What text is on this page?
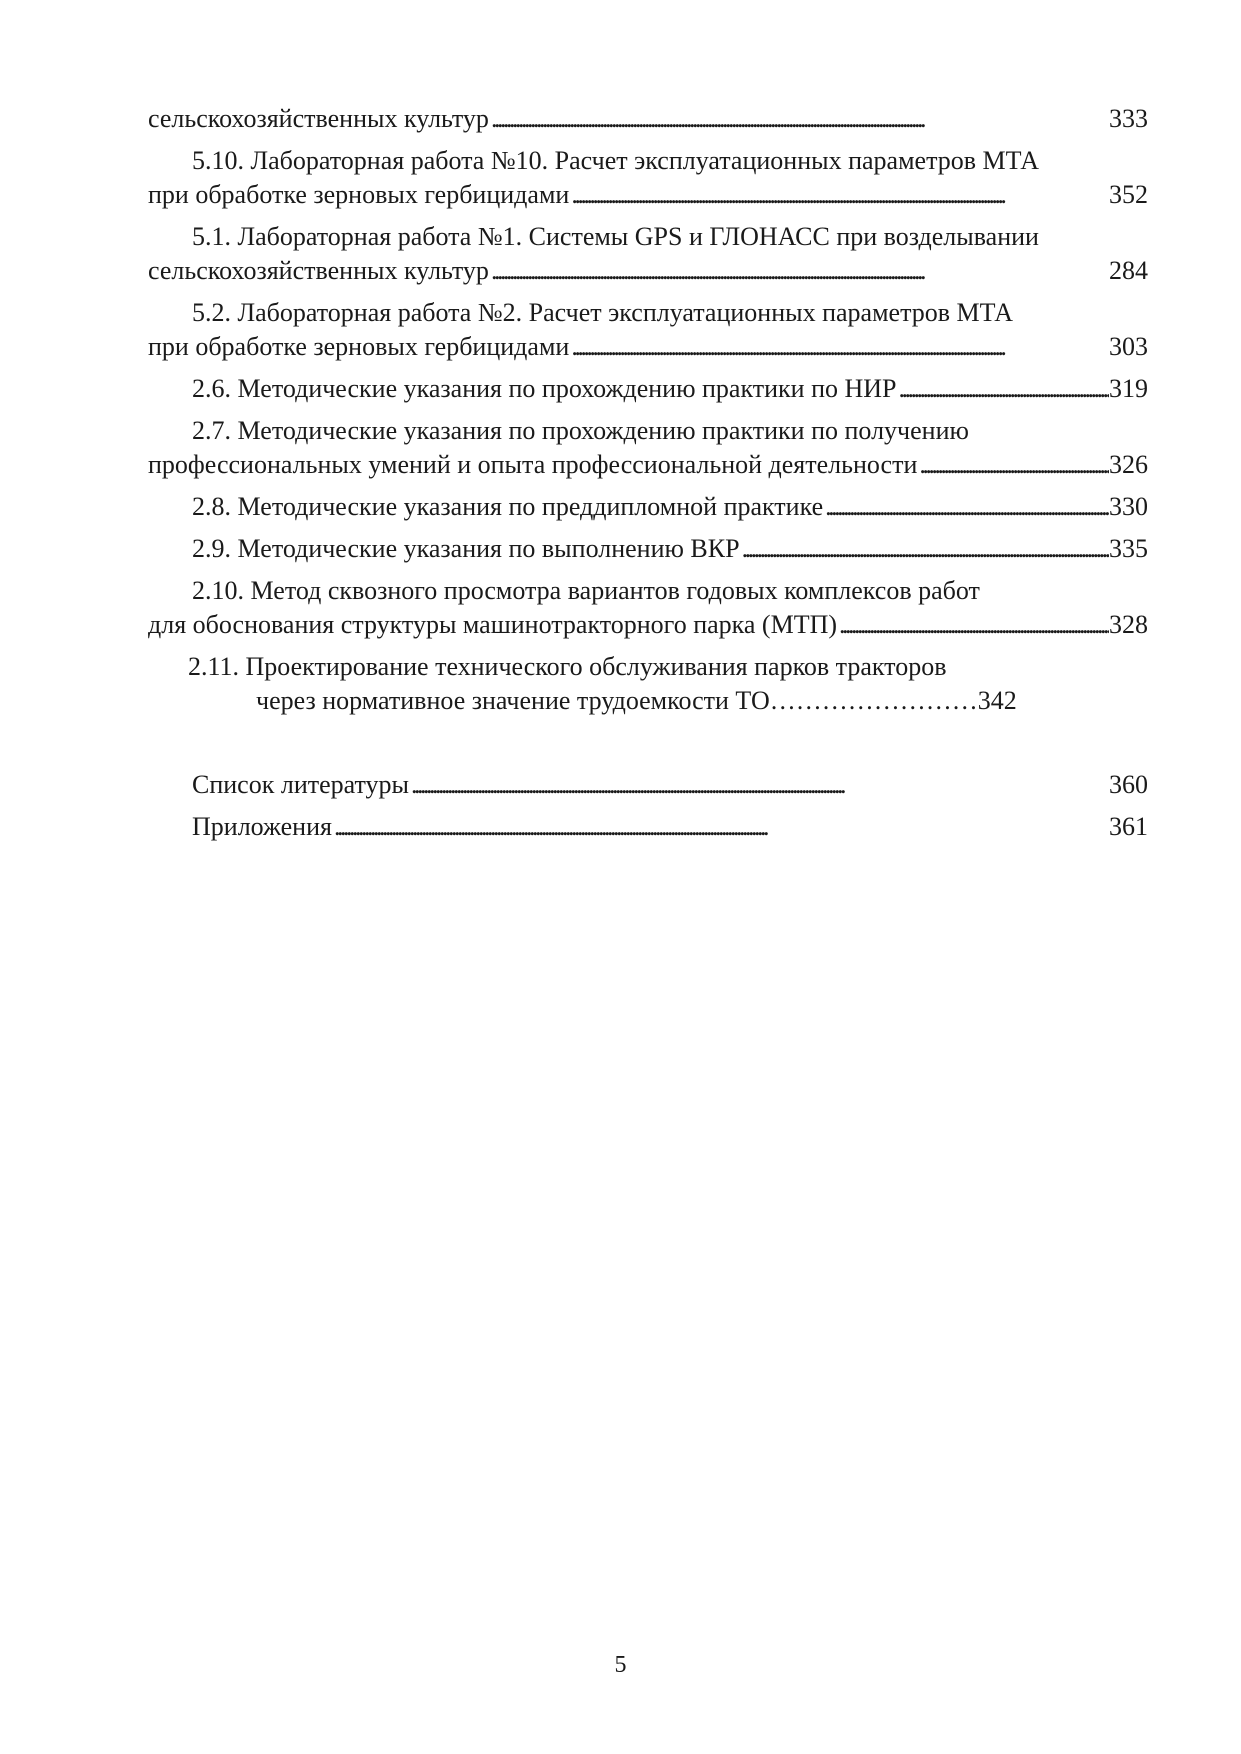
сельскохозяйственных культур . . .	333
5.10. Лабораторная работа №10. Расчет эксплуатационных параметров МТА
при обработке зерновых гербицидами . . .	352
5.1. Лабораторная работа №1. Системы GPS и ГЛОНАСС при возделывании
сельскохозяйственных культур . . .	284
5.2. Лабораторная работа №2. Расчет эксплуатационных параметров МТА
при обработке зерновых гербицидами . . .	303
2.6. Методические указания по прохождению практики по НИР . . .	319
2.7. Методические указания по прохождению практики по получению
профессиональных умений и опыта профессиональной деятельности . . .	326
2.8. Методические указания по преддипломной практике . . .	330
2.9. Методические указания по выполнению ВКР . . .	335
2.10. Метод сквозного просмотра вариантов годовых комплексов работ
для обоснования структуры машинотракторного парка (МТП) . . .	328
2.11. Проектирование технического обслуживания парков тракторов
через нормативное значение трудоемкости ТО……………………342
Список литературы . . .	360
Приложения . . .	361
5
